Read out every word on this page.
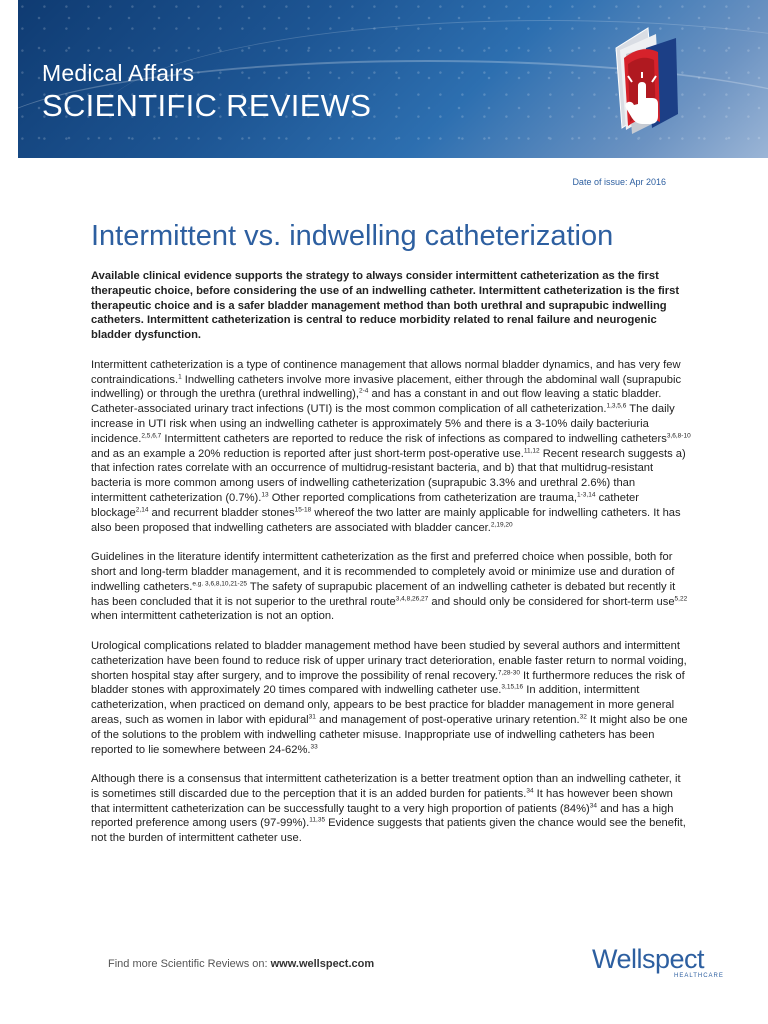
Medical Affairs
SCIENTIFIC REVIEWS
Date of issue: Apr 2016
Intermittent vs. indwelling catheterization

Available clinical evidence supports the strategy to always consider intermittent catheterization as the first therapeutic choice, before considering the use of an indwelling catheter. Intermittent catheterization is the first therapeutic choice and is a safer bladder management method than both urethral and suprapubic indwelling catheters. Intermittent catheterization is central to reduce morbidity related to renal failure and neurogenic bladder dysfunction.

Intermittent catheterization is a type of continence management that allows normal bladder dynamics, and has very few contraindications.$^1$ Indwelling catheters involve more invasive placement, either through the abdominal wall (suprapubic indwelling) or through the urethra (urethral indwelling),$^{2-4}$ and has a constant in and out flow leaving a static bladder. Catheter-associated urinary tract infections (UTI) is the most common complication of all catheterization.$^{1,3,5,6}$ The daily increase in UTI risk when using an indwelling catheter is approximately 5% and there is a 3-10% daily bacteriuria incidence.$^{2,5,6,7}$ Intermittent catheters are reported to reduce the risk of infections as compared to indwelling catheters$^{3,6,8-10}$ and as an example a 20% reduction is reported after just short-term post-operative use.$^{11,12}$ Recent research suggests a) that infection rates correlate with an occurrence of multidrug-resistant bacteria, and b) that that multidrug-resistant bacteria is more common among users of indwelling catheterization (suprapubic 3.3% and urethral 2.6%) than intermittent catheterization (0.7%).$^{13}$ Other reported complications from catheterization are trauma,$^{1-3,14}$ catheter blockage$^{2,14}$ and recurrent bladder stones$^{15-18}$ whereof the two latter are mainly applicable for indwelling catheters. It has also been proposed that indwelling catheters are associated with bladder cancer.$^{2,19,20}$

Guidelines in the literature identify intermittent catheterization as the first and preferred choice when possible, both for short and long-term bladder management, and it is recommended to completely avoid or minimize use and duration of indwelling catheters.$^{e.g. 3,6,8,10,21-25}$ The safety of suprapubic placement of an indwelling catheter is debated but recently it has been concluded that it is not superior to the urethral route$^{3,4,8,26,27}$ and should only be considered for short-term use$^{5,22}$ when intermittent catheterization is not an option.

Urological complications related to bladder management method have been studied by several authors and intermittent catheterization have been found to reduce risk of upper urinary tract deterioration, enable faster return to normal voiding, shorten hospital stay after surgery, and to improve the possibility of renal recovery.$^{7,28-30}$ It furthermore reduces the risk of bladder stones with approximately 20 times compared with indwelling catheter use.$^{3,15,16}$ In addition, intermittent catheterization, when practiced on demand only, appears to be best practice for bladder management in more general areas, such as women in labor with epidural$^{31}$ and management of post-operative urinary retention.$^{32}$ It might also be one of the solutions to the problem with indwelling catheter misuse. Inappropriate use of indwelling catheters has been reported to lie somewhere between 24-62%.$^{33}$

Although there is a consensus that intermittent catheterization is a better treatment option than an indwelling catheter, it is sometimes still discarded due to the perception that it is an added burden for patients.$^{34}$ It has however been shown that intermittent catheterization can be successfully taught to a very high proportion of patients $(84\%)^{34}$ and has a high reported preference among users (97-99%).$^{11,35}$ Evidence suggests that patients given the chance would see the benefit, not the burden of intermittent catheter use.

Find more Scientific Reviews on: www.wellspect.com	Wellspect
HEALTHCARE
